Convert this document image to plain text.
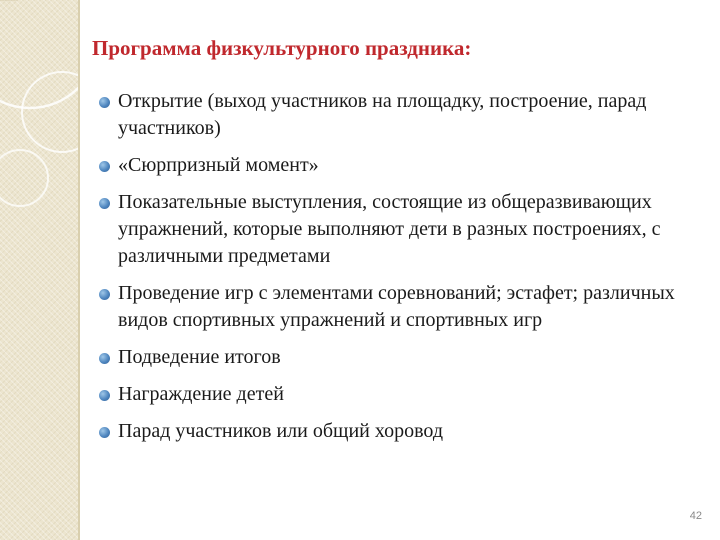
Программа физкультурного праздника:
Открытие (выход участников на площадку, построение, парад участников)
«Сюрпризный момент»
Показательные выступления, состоящие из общеразвивающих упражнений, которые выполняют дети в разных построениях, с различными предметами
Проведение игр с элементами соревнований; эстафет; различных видов спортивных упражнений и спортивных игр
Подведение итогов
Награждение детей
Парад участников или общий хоровод
42
